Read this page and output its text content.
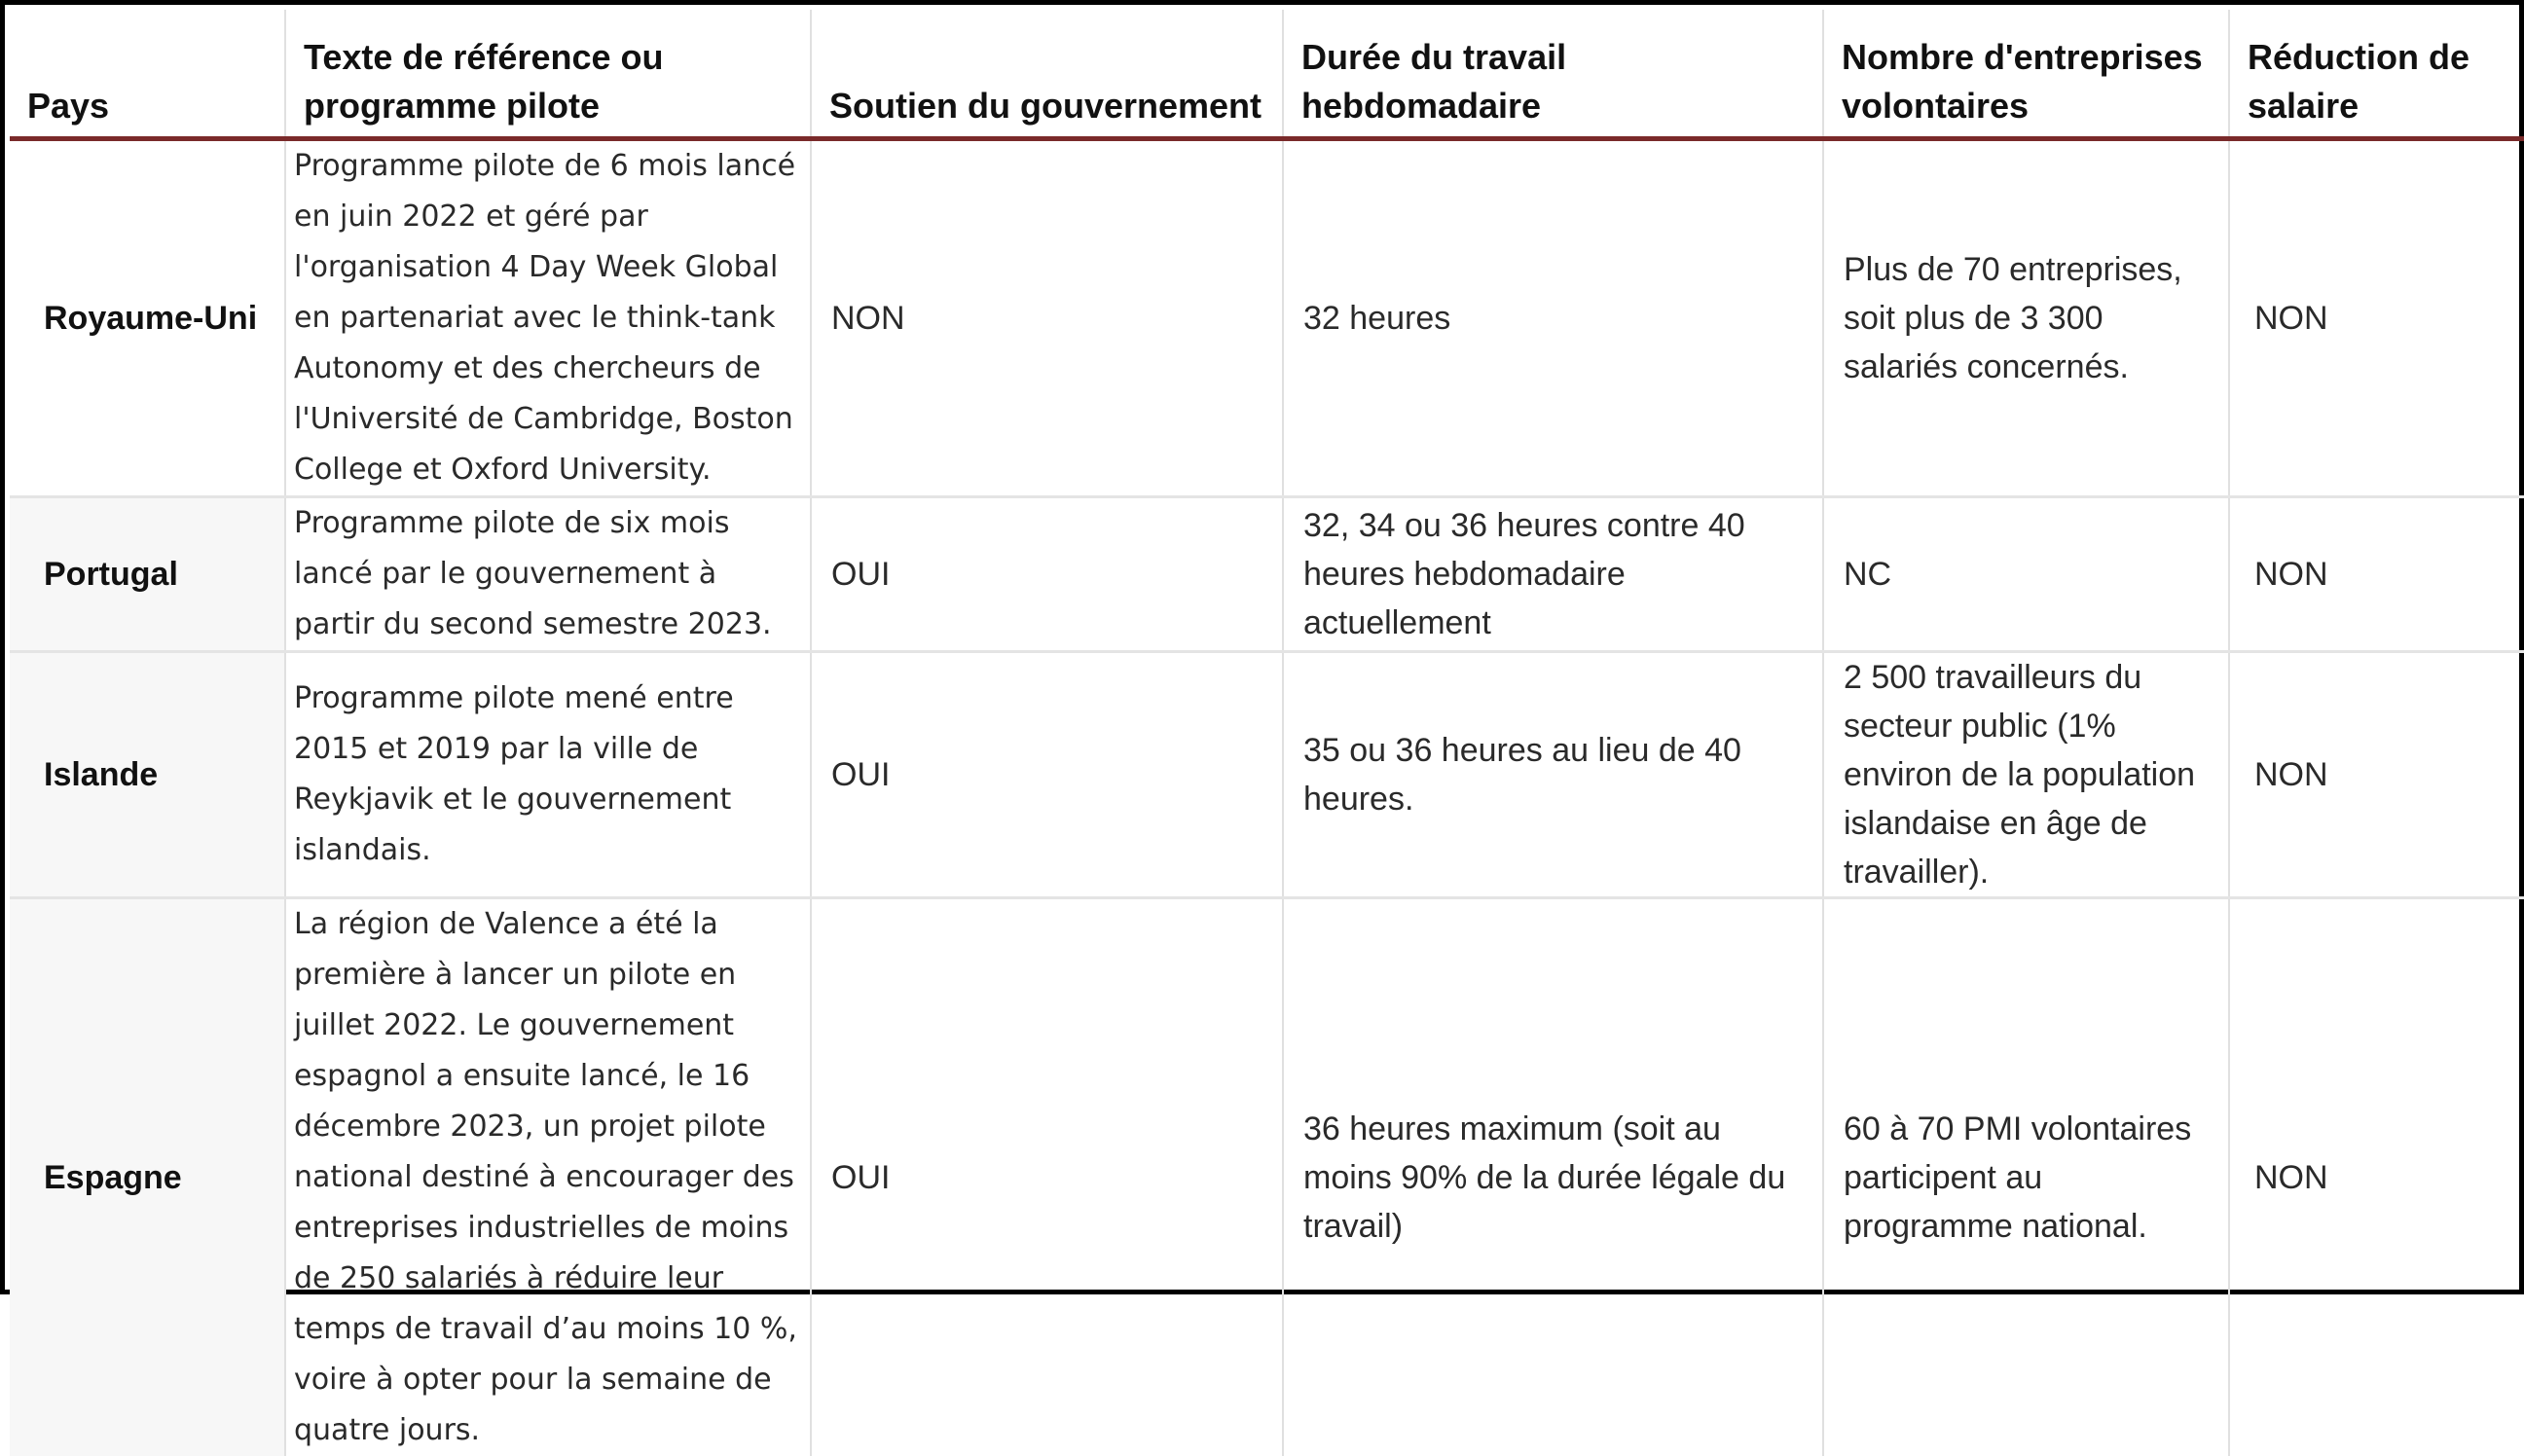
Pays	Texte de référence ou programme pilote	Soutien du gouvernement	Durée du travail hebdomadaire	Nombre d'entreprises volontaires	Réduction de salaire
Royaume-Uni	Programme pilote de 6 mois lancé en juin 2022 et géré par l'organisation 4 Day Week Global en partenariat avec le think-tank Autonomy et des chercheurs de l'Université de Cambridge, Boston College et Oxford University.	NON	32 heures	Plus de 70 entreprises, soit plus de 3 300 salariés concernés.	NON
Portugal	Programme pilote de six mois lancé par le gouvernement à partir du second semestre 2023.	OUI	32, 34 ou 36 heures contre 40 heures hebdomadaire actuellement	NC	NON
Islande	Programme pilote mené entre 2015 et 2019 par la ville de Reykjavik et le gouvernement islandais.	OUI	35 ou 36 heures au lieu de 40 heures.	2 500 travailleurs du secteur public (1% environ de la population islandaise en âge de travailler).	NON
Espagne	La région de Valence a été la première à lancer un pilote en juillet 2022. Le gouvernement espagnol a ensuite lancé, le 16 décembre 2023, un projet pilote national destiné à encourager des entreprises industrielles de moins de 250 salariés à réduire leur temps de travail d’au moins 10 %, voire à opter pour la semaine de quatre jours.	OUI	36 heures maximum (soit au moins 90% de la durée légale du travail)	60 à 70 PMI volontaires participent au programme national.	NON
